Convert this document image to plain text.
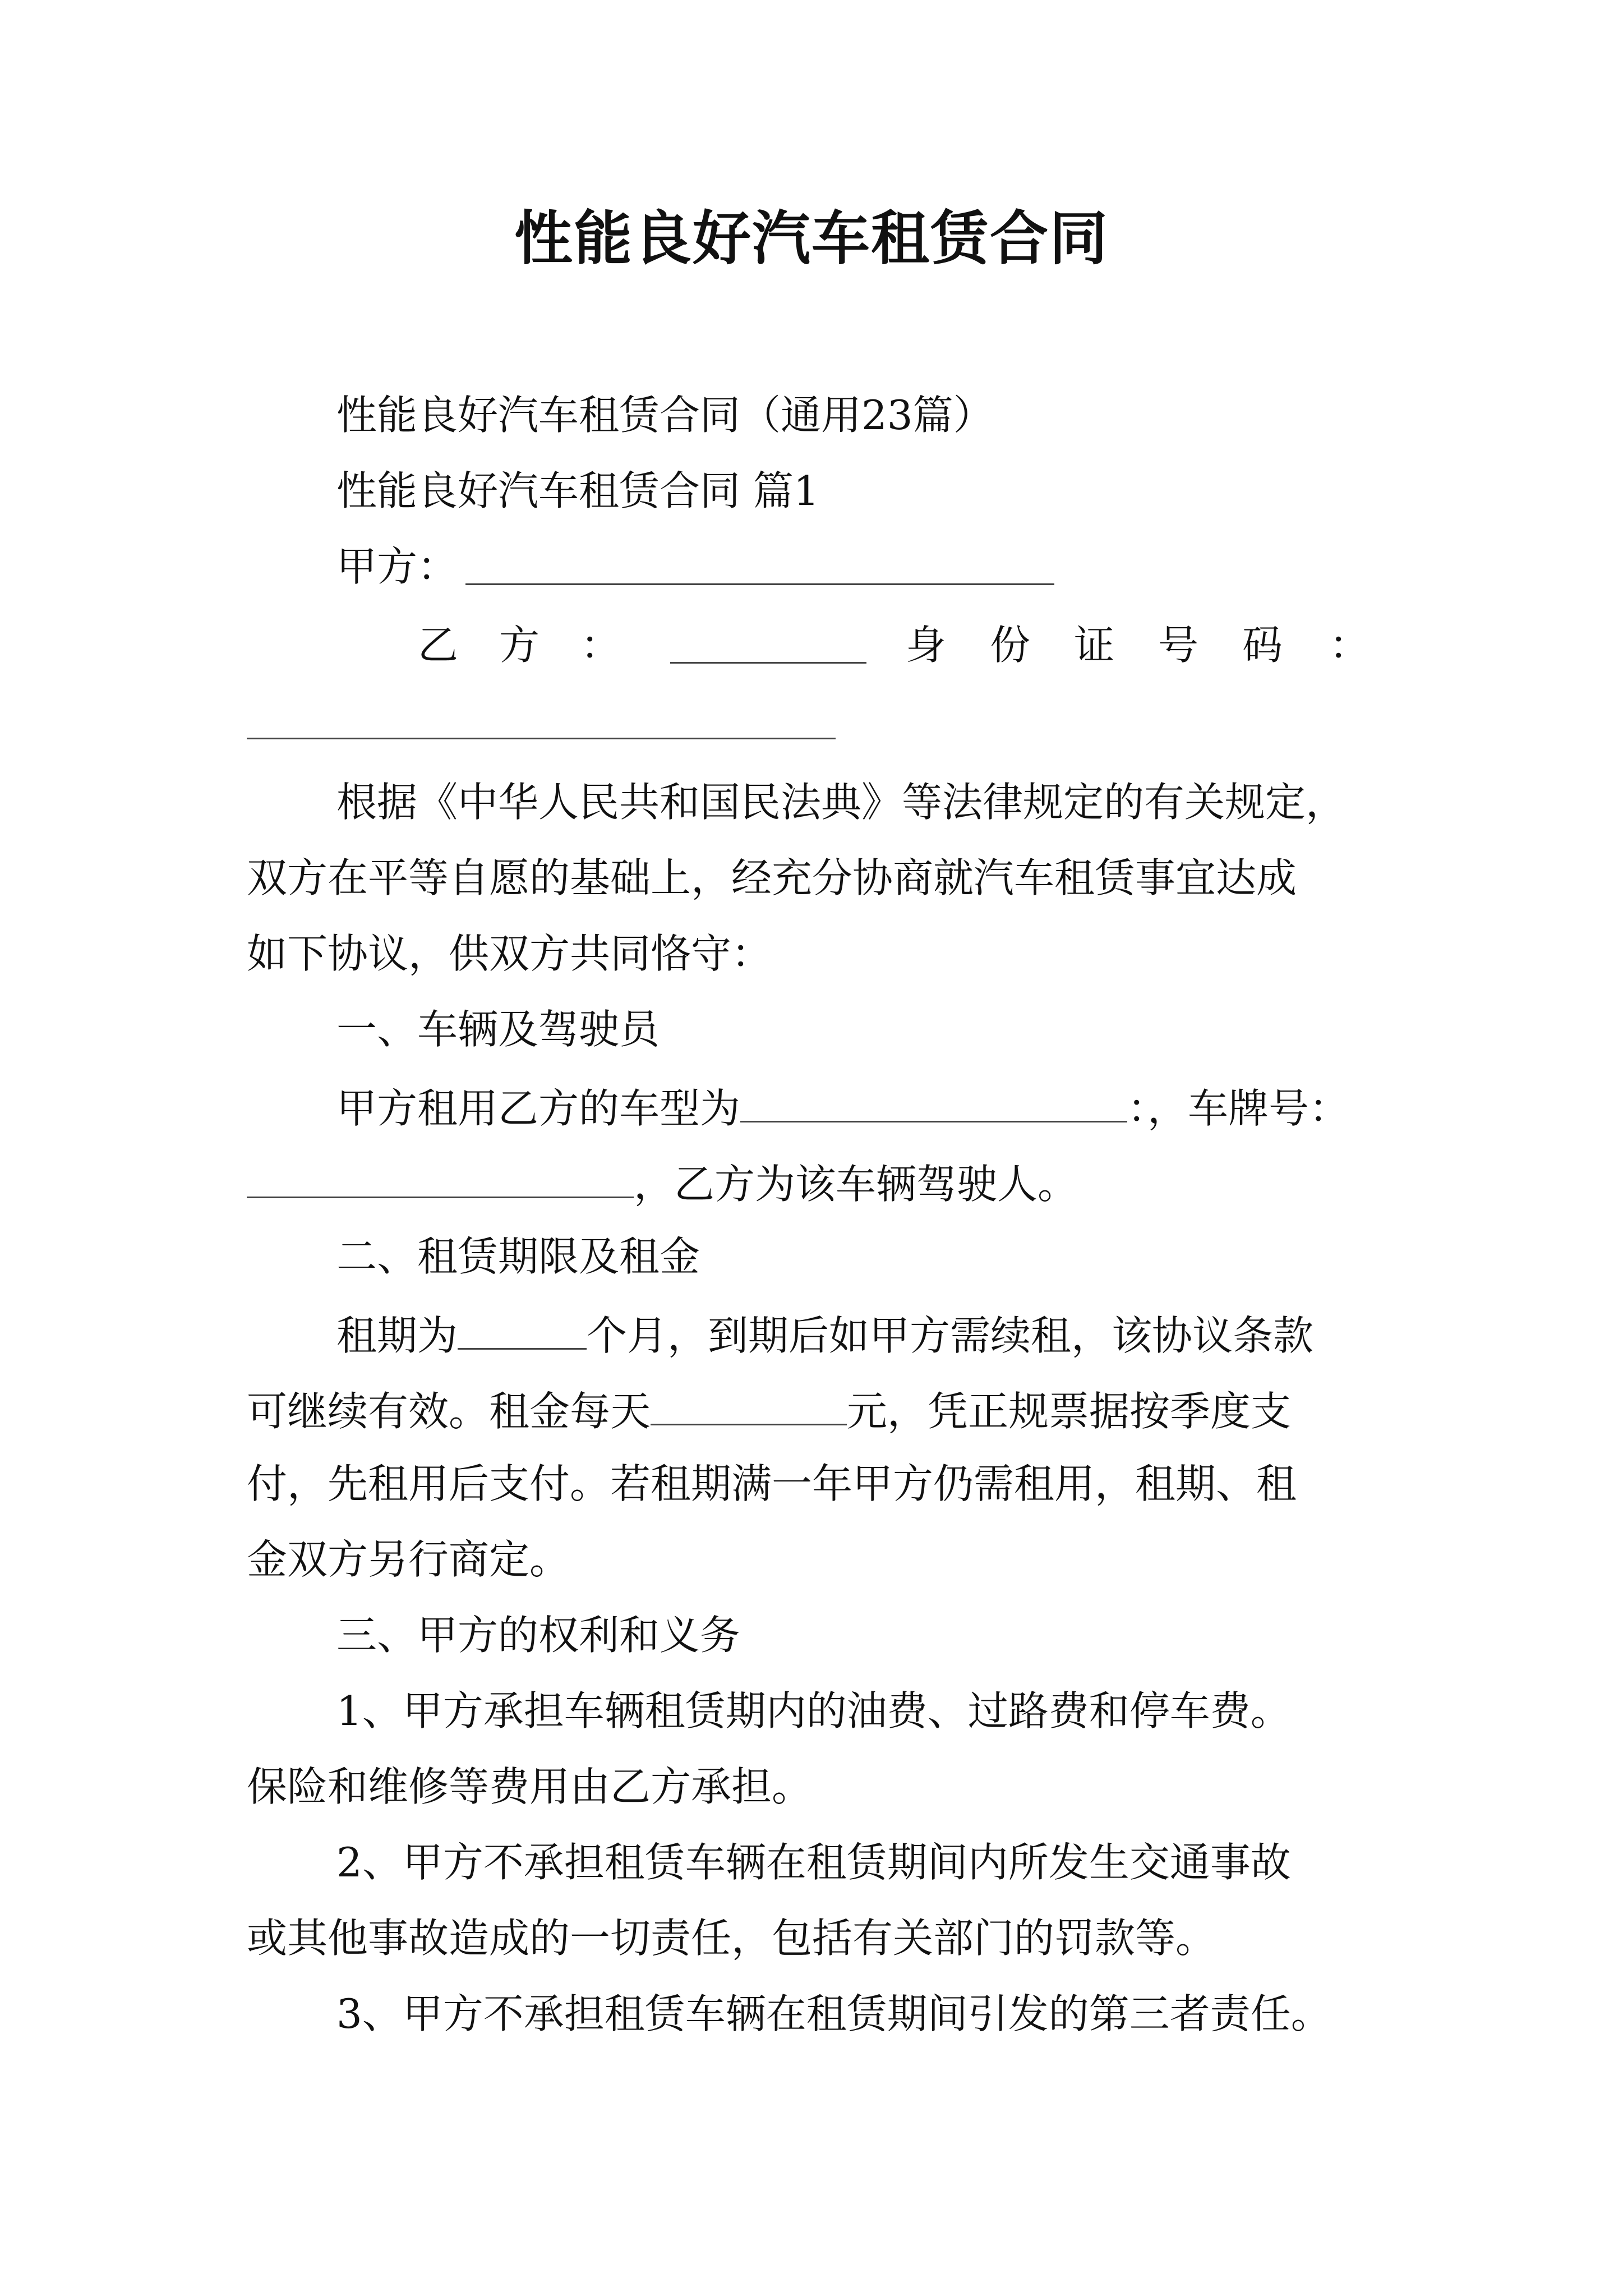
性能良好汽车租赁合同
性能良好汽车租赁合同（通用23篇）
性能良好汽车租赁合同 篇1
甲方：
乙 方 ：	身 份 证 号 码 ：
根据《中华人民共和国民法典》等法律规定的有关规定，
双方在平等自愿的基础上，经充分协商就汽车租赁事宜达成
如下协议，供双方共同恪守：
一、车辆及驾驶员
甲方租用乙方的车型为	：，车牌号：
，乙方为该车辆驾驶人。
二、租赁期限及租金
租期为	个月，到期后如甲方需续租，该协议条款
可继续有效。租金每天	元，凭正规票据按季度支
付，先租用后支付。若租期满一年甲方仍需租用，租期、租
金双方另行商定。
三、甲方的权利和义务
1、甲方承担车辆租赁期内的油费、过路费和停车费。
保险和维修等费用由乙方承担。
2、甲方不承担租赁车辆在租赁期间内所发生交通事故
或其他事故造成的一切责任，包括有关部门的罚款等。
3、甲方不承担租赁车辆在租赁期间引发的第三者责任。
